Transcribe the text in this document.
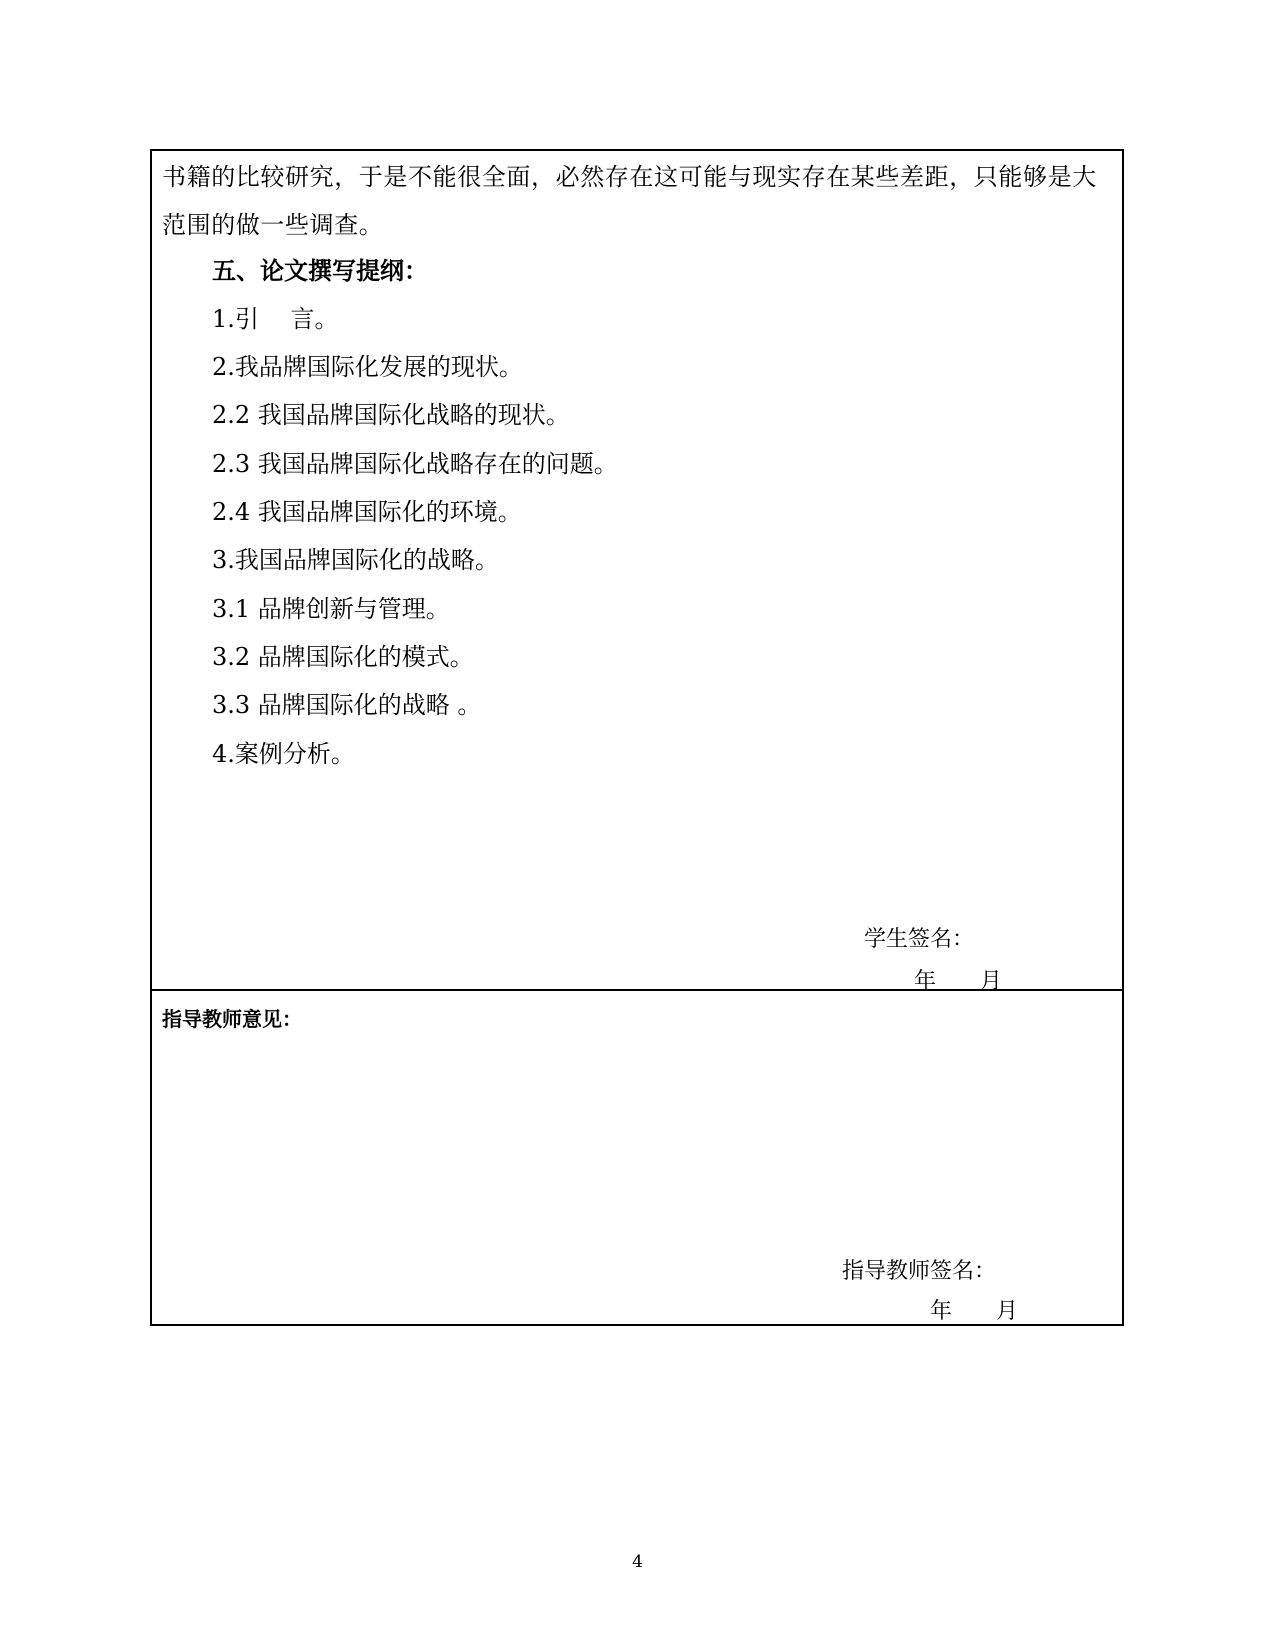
书籍的比较研究，于是不能很全面，必然存在这可能与现实存在某些差距，只能够是大
范围的做一些调查。
五、论文撰写提纲：
1.引　 言。
2.我品牌国际化发展的现状。
2.2 我国品牌国际化战略的现状。
2.3 我国品牌国际化战略存在的问题。
2.4 我国品牌国际化的环境。
3.我国品牌国际化的战略。
3.1 品牌创新与管理。
3.2 品牌国际化的模式。
3.3 品牌国际化的战略 。
4.案例分析。
学生签名：
年 月
指导教师意见：
指导教师签名：
年 月
4
